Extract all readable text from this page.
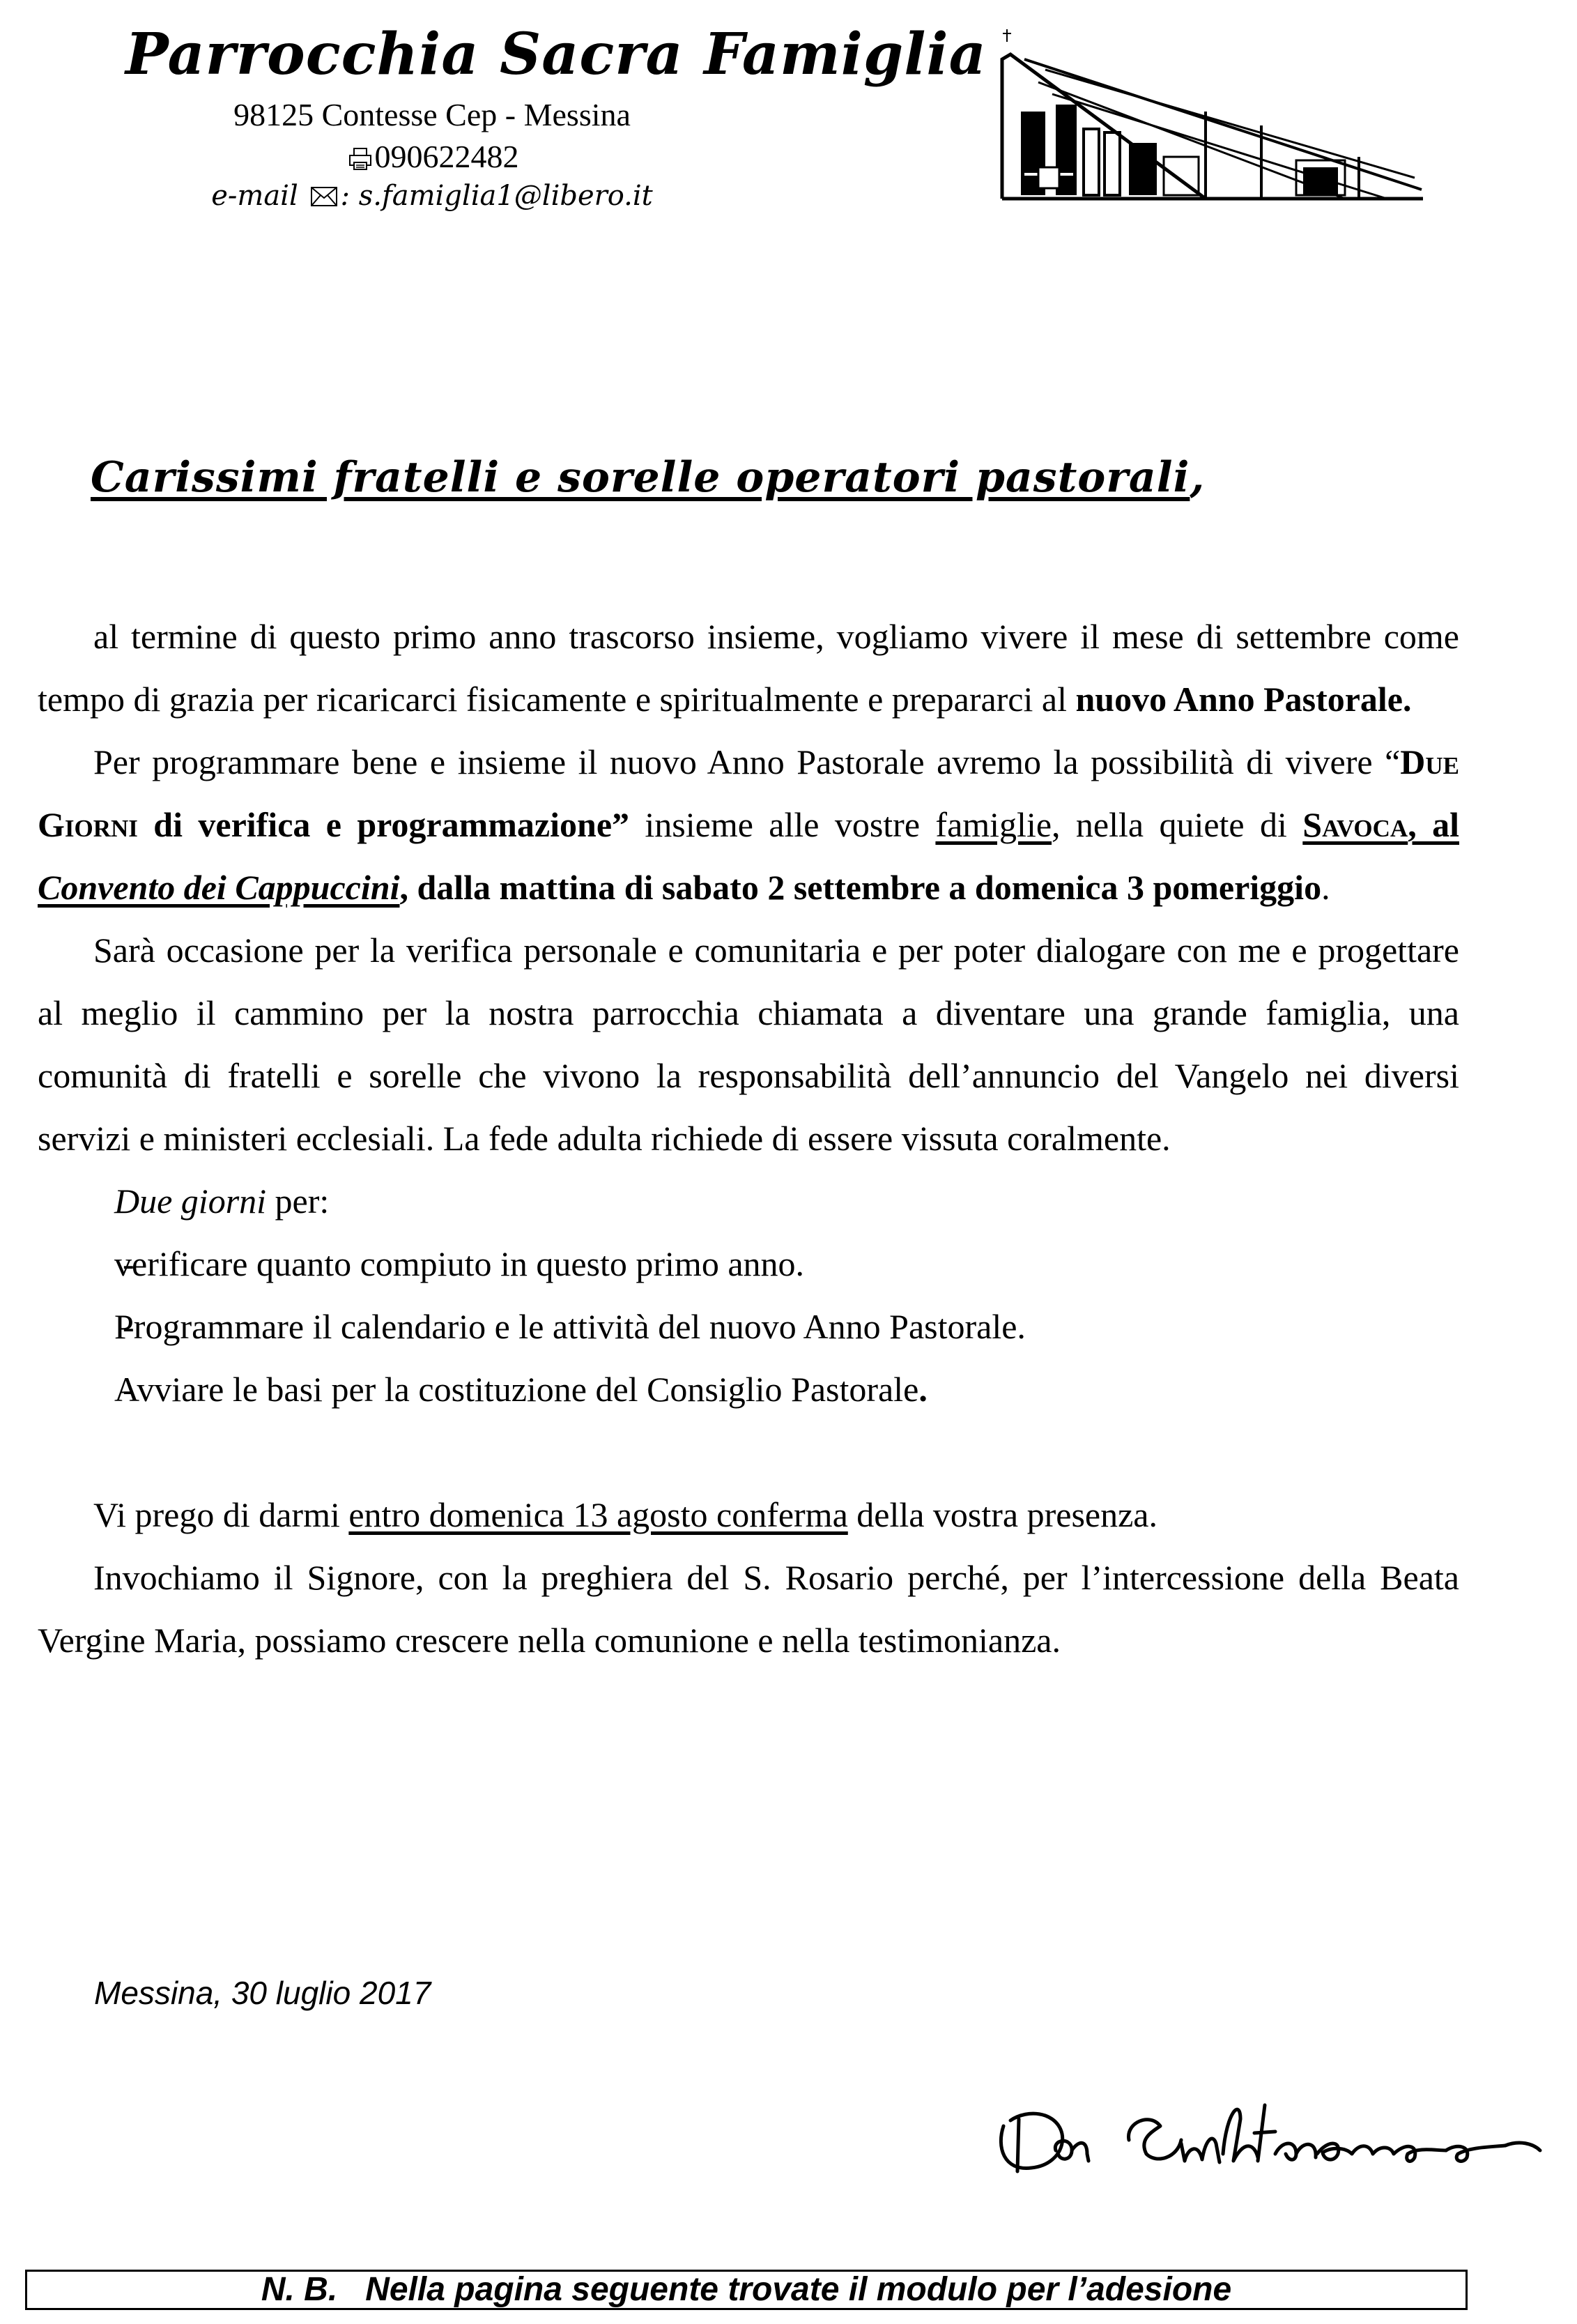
Parrocchia Sacra Famiglia
98125 Contesse Cep - Messina
090622482
e-mail : s.famiglia1@libero.it
Carissimi fratelli e sorelle operatori pastorali,

al termine di questo primo anno trascorso insieme, vogliamo vivere il mese di settembre come tempo di grazia per ricaricarci fisicamente e spiritualmente e prepararci al nuovo Anno Pastorale.

Per programmare bene e insieme il nuovo Anno Pastorale avremo la possibilità di vivere “Due Giorni di verifica e programmazione” insieme alle vostre famiglie, nella quiete di Savoca, al Convento dei Cappuccini, dalla mattina di sabato 2 settembre a domenica 3 pomeriggio.

Sarà occasione per la verifica personale e comunitaria e per poter dialogare con me e progettare al meglio il cammino per la nostra parrocchia chiamata a diventare una grande famiglia, una comunità di fratelli e sorelle che vivono la responsabilità dell’annuncio del Vangelo nei diversi servizi e ministeri ecclesiali. La fede adulta richiede di essere vissuta coralmente.

Due giorni per:

- verificare quanto compiuto in questo primo anno.
- Programmare il calendario e le attività del nuovo Anno Pastorale.
- Avviare le basi per la costituzione del Consiglio Pastorale.

Vi prego di darmi entro domenica 13 agosto conferma della vostra presenza.

Invochiamo il Signore, con la preghiera del S. Rosario perché, per l’intercessione della Beata Vergine Maria, possiamo crescere nella comunione e nella testimonianza.

Messina, 30 luglio 2017
N. B.   Nella pagina seguente trovate il modulo per l’adesione
